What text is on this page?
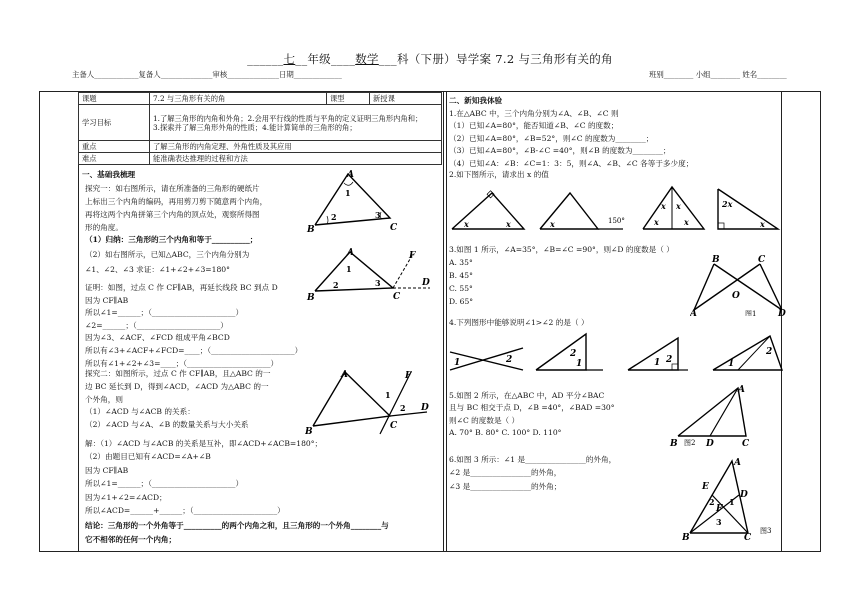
______七__年级____数学___科（下册）导学案 7.2 与三角形有关的角
主备人____________复备人______________审核______________日期_____________	班别________ 小组________ 姓名________
课题	7.2 与三角形有关的角	课型	新授课
学习目标	1.了解三角形的内角和外角；2.会用平行线的性质与平角的定义证明三角形内角和；
3.探索并了解三角形外角的性质；4.能计算简单的三角形的角；		

重点	了解三角形的内角定理、外角性质及其应用		
难点	能准确表达推理的过程和方法		
一、基础我梳理
探究一：如右图所示，请在所准备的三角形的硬纸片
上标出三个内角的编码，再用剪刀剪下随意两个内角，
再将这两个内角拼第三个内角的顶点处，观察所得图
形的角度。
（1）归纳：三角形的三个内角和等于__________；
（2）如右图所示，已知△ABC，三个内角分别为
∠1、∠2、∠3 求证：∠1+∠2+∠3=180°
证明：如图，过点 C 作 CF∥AB，再延长线段 BC 到点 D
因为 CF∥AB
所以∠1=______；（______________________）
∠2=______；（______________________）
因为∠3、∠ACF、∠FCD 组成平角∠BCD
所以有∠3+∠ACF+∠FCD=____；（______________________）
所以有∠1+∠2+∠3=____；（______________________）
探究二：如图所示，过点 C 作 CF∥AB，且△ABC 的一
边 BC 延长到 D，得到∠ACD，∠ACD 为△ABC 的一
个外角，则
（1）∠ACD 与∠ACB 的关系：
（2）∠ACD 与∠A、∠B 的数量关系与大小关系
解：（1）∠ACD 与∠ACB 的关系是互补，即∠ACD+∠ACB=180°；
（2）由题目已知有∠ACD=∠A+∠B
因为 CF∥AB
所以∠1=______；（______________________）
因为∠1+∠2=∠ACD；
所以∠ACD=______+______；（______________________）
结论：三角形的一个外角等于__________的两个内角之和，且三角形的一个外角________与
它不相邻的任何一个内角；
A
B	C
1
2	3
A
B	C
D
F
1
2	3
A
B
C
D
F
1
2
二、新知我体验
1.在△ABC 中，三个内角分别为∠A、∠B、∠C 则
（1）已知∠A=80°，能否知道∠B、∠C 的度数；
（2）已知∠A=80°，∠B=52°，则∠C 的度数为________；
（3）已知∠A=80°，∠B-∠C =40°，则∠B 的度数为________；
（4）已知∠A：∠B：∠C=1：3：5，则∠A、∠B、∠C 各等于多少度；
2.如下图所示，请求出 x 的值
x	x	x	150°
x x
x	x
2x
x
3.如图 1 所示，∠A=35°，∠B=∠C =90°，则∠D 的度数是（ ）
A. 35°
B. 45°
C. 55°
D. 65°
B	C
O
A	D
图1
4.下列图形中能够说明∠1>∠2 的是（ ）
1	2
2
1	1 2	1
2
5.如图 2 所示，在△ABC 中，AD 平分∠BAC
且与 BC 相交于点 D，∠B =40°，∠BAD =30°
则∠C 的度数是（ ）
A. 70° B. 80° C. 100° D. 110°
A
B	D	C
图2
6.如图 3 所示：∠1 是________________的外角，
∠2 是________________的外角，
∠3 是________________的外角；
A
E
D
F
2 1
3
B	C
图3
